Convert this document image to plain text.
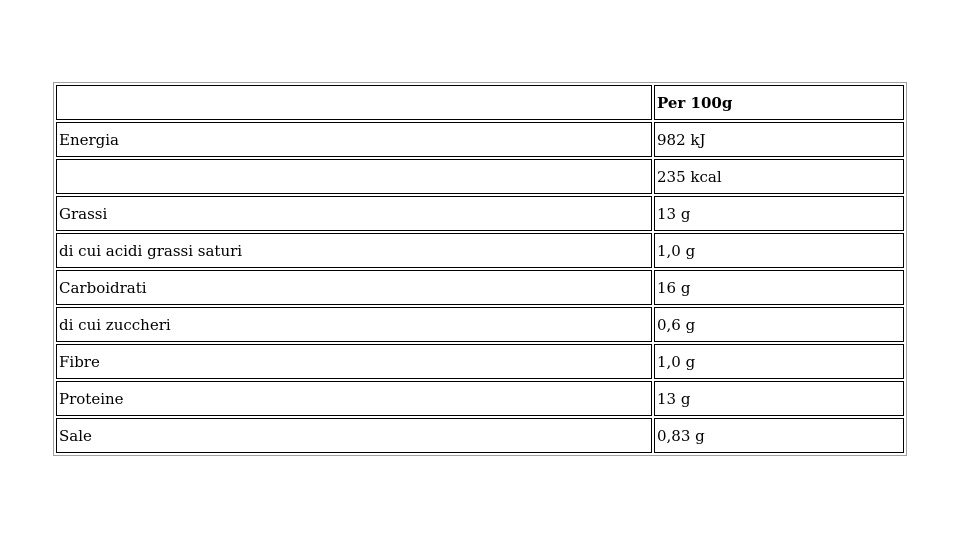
	Per 100g
Energia	982 kJ
	235 kcal
Grassi	13 g
di cui acidi grassi saturi	1,0 g
Carboidrati	16 g
di cui zuccheri	0,6 g
Fibre	1,0 g
Proteine	13 g
Sale	0,83 g
